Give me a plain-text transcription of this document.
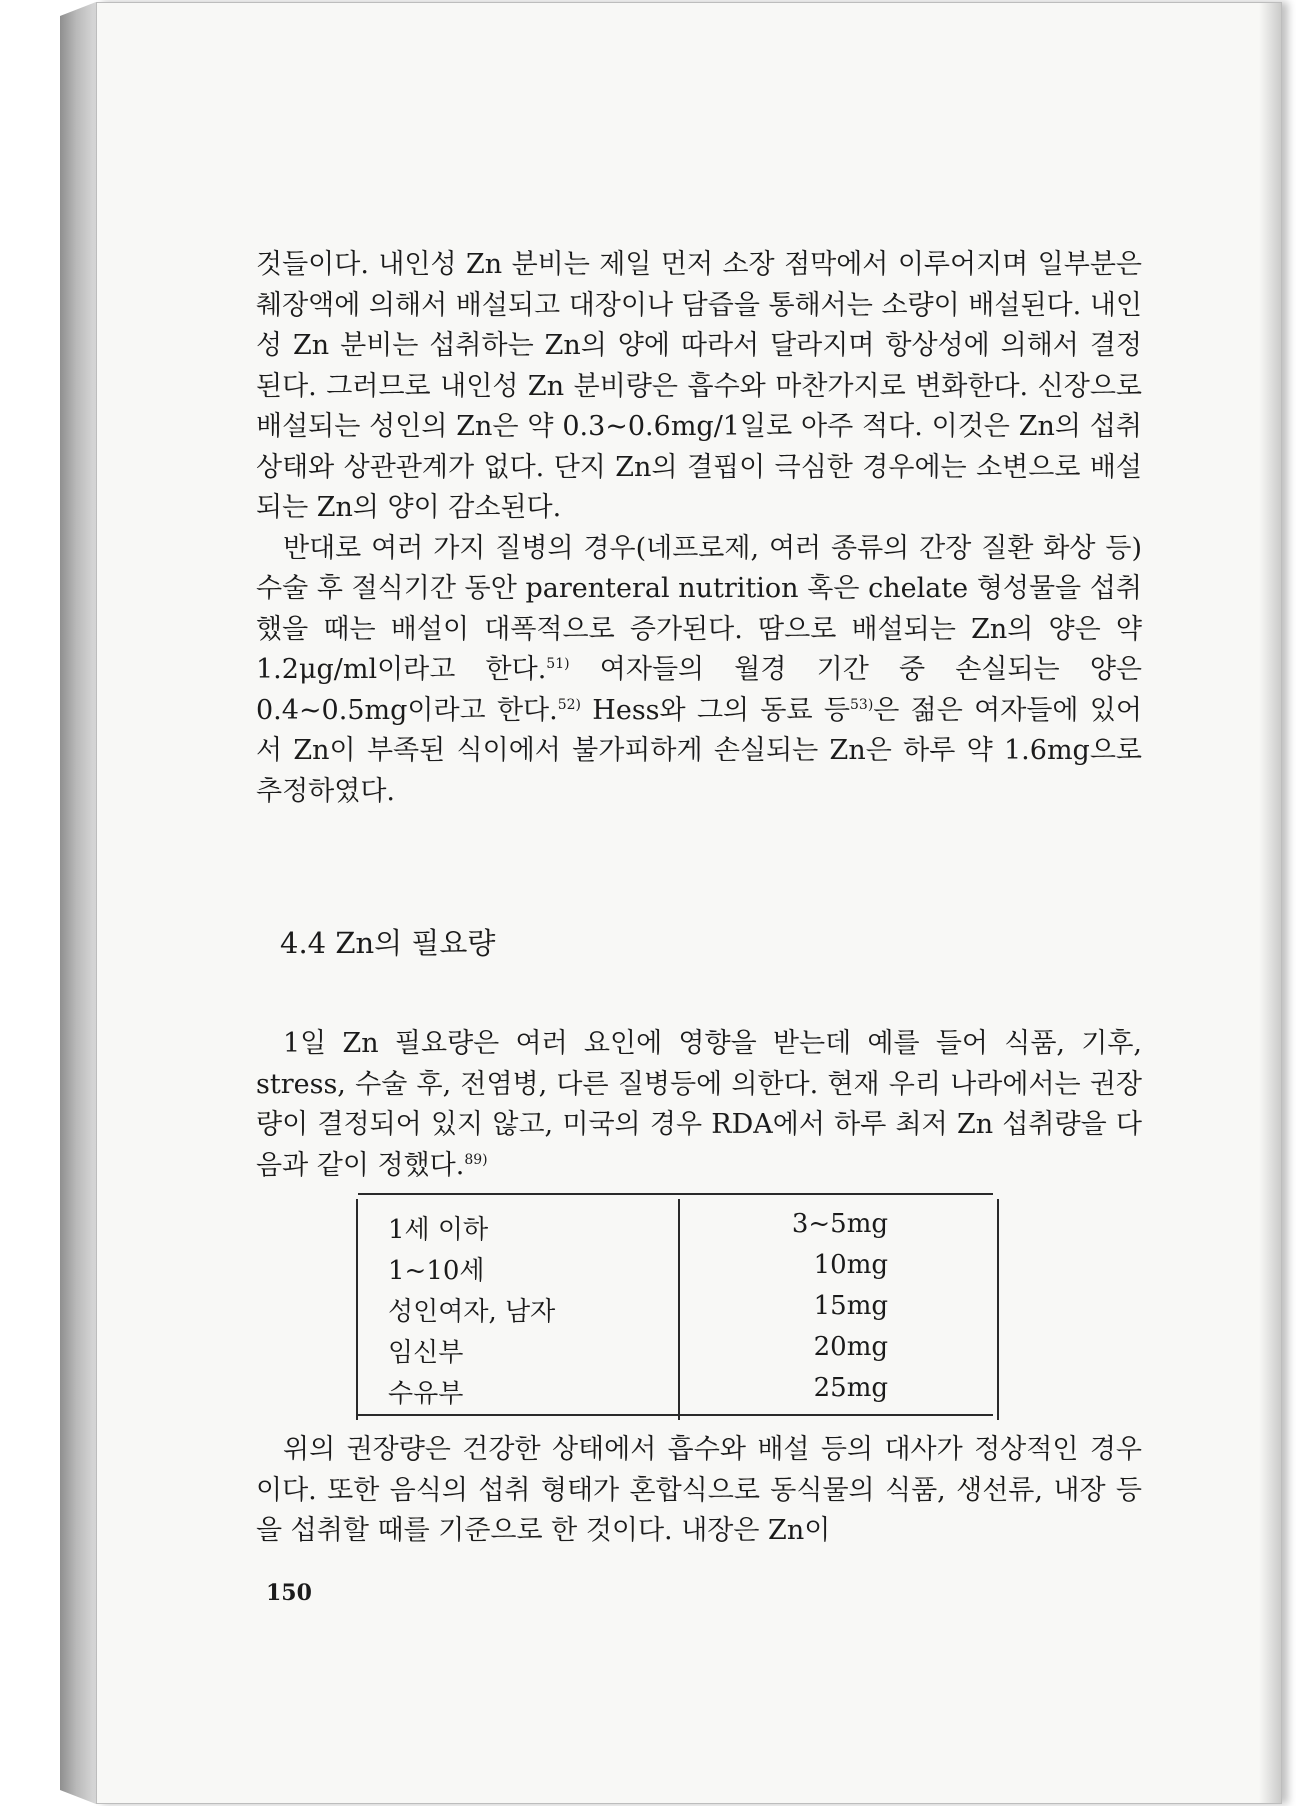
것들이다. 내인성 Zn 분비는 제일 먼저 소장 점막에서 이루어지며 일부분은 췌장액에 의해서 배설되고 대장이나 담즙을 통해서는 소량이 배설된다. 내인성 Zn 분비는 섭취하는 Zn의 양에 따라서 달라지며 항상성에 의해서 결정된다. 그러므로 내인성 Zn 분비량은 흡수와 마찬가지로 변화한다. 신장으로 배설되는 성인의 Zn은 약 0.3~0.6mg/1일로 아주 적다. 이것은 Zn의 섭취 상태와 상관관계가 없다. 단지 Zn의 결핍이 극심한 경우에는 소변으로 배설되는 Zn의 양이 감소된다.

반대로 여러 가지 질병의 경우(네프로제, 여러 종류의 간장 질환 화상 등) 수술 후 절식기간 동안 parenteral nutrition 혹은 chelate 형성물을 섭취했을 때는 배설이 대폭적으로 증가된다. 땀으로 배설되는 Zn의 양은 약 1.2μg/ml이라고 한다.$^{51)}$ 여자들의 월경 기간 중 손실되는 양은 0.4~0.5mg이라고 한다.$^{52)}$ Hess와 그의 동료 등$^{53)}$은 젊은 여자들에 있어서 Zn이 부족된 식이에서 불가피하게 손실되는 Zn은 하루 약 1.6mg으로 추정하였다.

4.4 Zn의 필요량
1일 Zn 필요량은 여러 요인에 영향을 받는데 예를 들어 식품, 기후, stress, 수술 후, 전염병, 다른 질병등에 의한다. 현재 우리 나라에서는 권장량이 결정되어 있지 않고, 미국의 경우 RDA에서 하루 최저 Zn 섭취량을 다음과 같이 정했다.$^{89)}$
1세 이하	3~5mg
1~10세	10mg
성인여자, 남자	15mg
임신부	20mg
수유부	25mg
위의 권장량은 건강한 상태에서 흡수와 배설 등의 대사가 정상적인 경우이다. 또한 음식의 섭취 형태가 혼합식으로 동식물의 식품, 생선류, 내장 등을 섭취할 때를 기준으로 한 것이다. 내장은 Zn이
150
